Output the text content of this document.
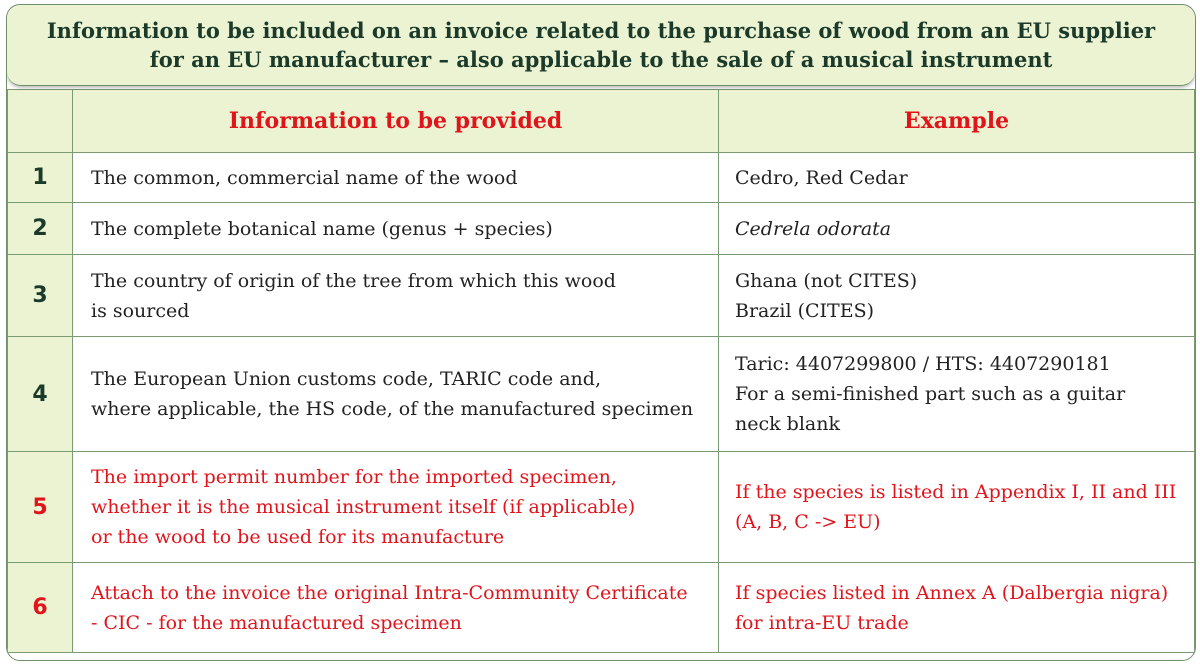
Information to be included on an invoice related to the purchase of wood from an EU supplier
for an EU manufacturer – also applicable to the sale of a musical instrument

	Information to be provided	Example

1	The common, commercial name of the wood	Cedro, Red Cedar

2	The complete botanical name (genus + species)	Cedrela odorata

3	The country of origin of the tree from which this wood
is sourced	Ghana (not CITES)
Brazil (CITES)

4	The European Union customs code, TARIC code and,
where applicable, the HS code, of the manufactured specimen	Taric: 4407299800 / HTS: 4407290181
For a semi-finished part such as a guitar
neck blank

5	The import permit number for the imported specimen,
whether it is the musical instrument itself (if applicable)
or the wood to be used for its manufacture	If the species is listed in Appendix I, II and III
(A, B, C -> EU)

6	Attach to the invoice the original Intra-Community Certificate
- CIC - for the manufactured specimen	If species listed in Annex A (Dalbergia nigra)
for intra-EU trade
